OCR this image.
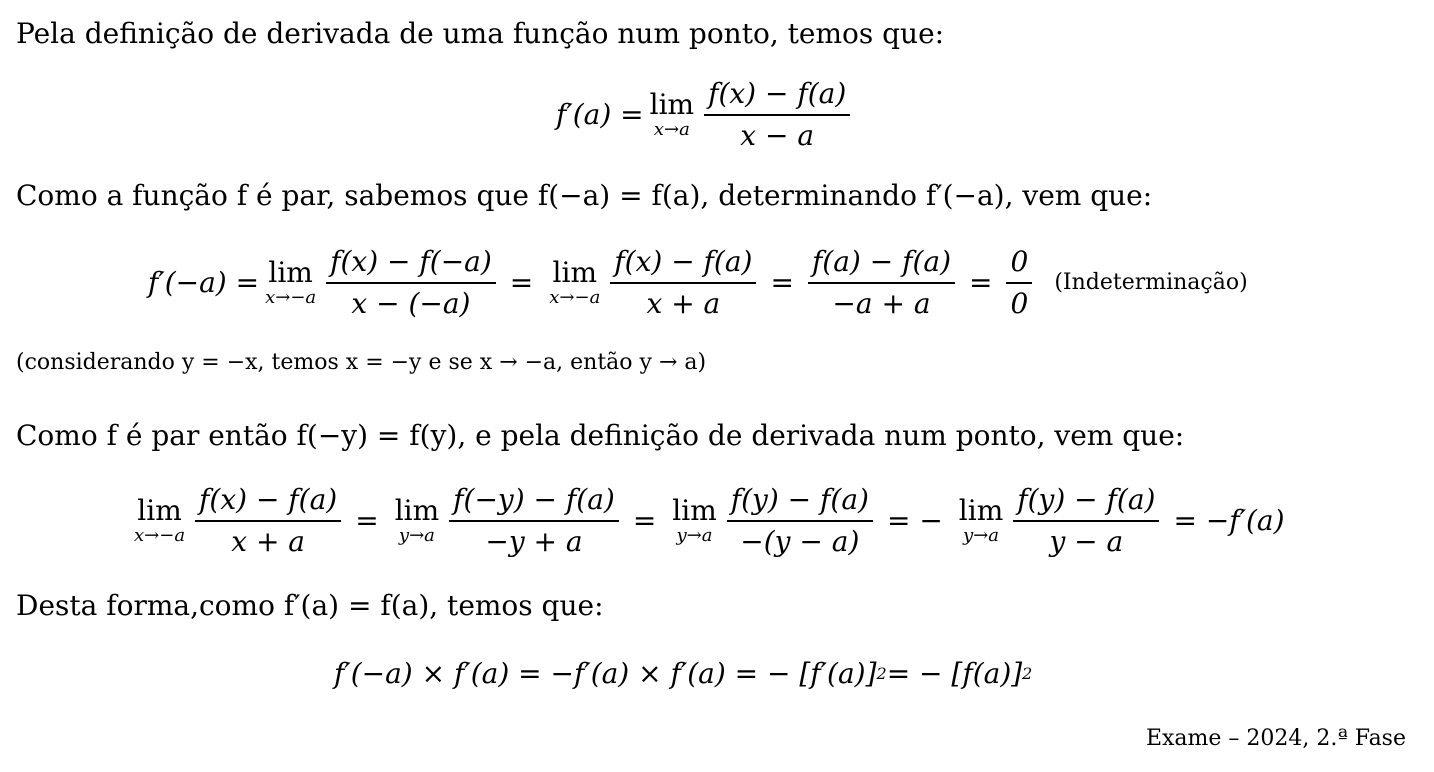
Pela definição de derivada de uma função num ponto, temos que:
f′(a) = lim
$x\to a \frac{f(x) - f(a)}{x - a}$
Como a função f é par, sabemos que f(−a) = f(a), determinando f′(−a), vem que:
f′(−a) = lim
$x\to-a \frac{f(x) - f(-a)}{x - (-a)} = \lim$
$x\to-a \frac{f(x) - f(a)}{x + a} = \frac{f(a) - f(a)}{-a + a} = \frac{0}{0}$ (Indeterminação)
(considerando y = −x, temos x = −y e se x → −a, então y → a)
Como f é par então f(−y) = f(y), e pela definição de derivada num ponto, vem que:
lim
$x\to-a \frac{f(x) - f(a)}{x + a} = \lim$
$y\to a \frac{f(-y) - f(a)}{-y + a} = \lim$
$y\to a \frac{f(y) - f(a)}{-(y - a)}$ = − lim
$y\to a \frac{f(y) - f(a)}{y - a} = -f'(a)$
Desta forma,como f′(a) = f(a), temos que:
f′(−a) × f′(a) = −f′(a) × f′(a) = − [f′(a)] 2 = − [f(a)] 2
Exame – 2024, 2.ª Fase
